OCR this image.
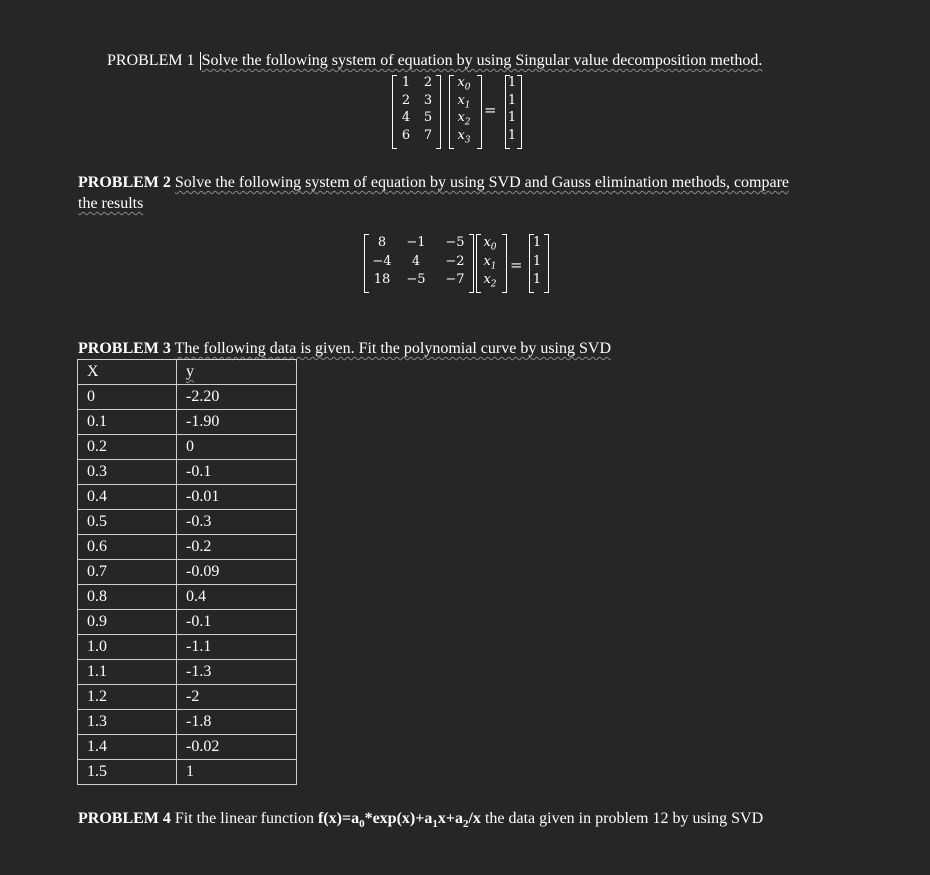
PROBLEM 1 Solve the following system of equation by using Singular value decomposition method.
1	2
2	3
4	5
6	7
$x_0$
$x_1$
$x_2$
$x_3$
=
1
1
1
1
PROBLEM 2 Solve the following system of equation by using SVD and Gauss elimination methods, compare
the results
8	−1	−5
−4	4	−2
18	−5	−7
$x_0$
$x_1$
$x_2$
=
1
1
1
PROBLEM 3 The following data is given. Fit the polynomial curve by using SVD
X	y
0	-2.20
0.1	-1.90
0.2	0
0.3	-0.1
0.4	-0.01
0.5	-0.3
0.6	-0.2
0.7	-0.09
0.8	0.4
0.9	-0.1
1.0	-1.1
1.1	-1.3
1.2	-2
1.3	-1.8
1.4	-0.02
1.5	1
PROBLEM 4 Fit the linear function $f(x)=a_0*\exp(x)+a_1x+a_2/x$ the data given in problem 12 by using SVD
